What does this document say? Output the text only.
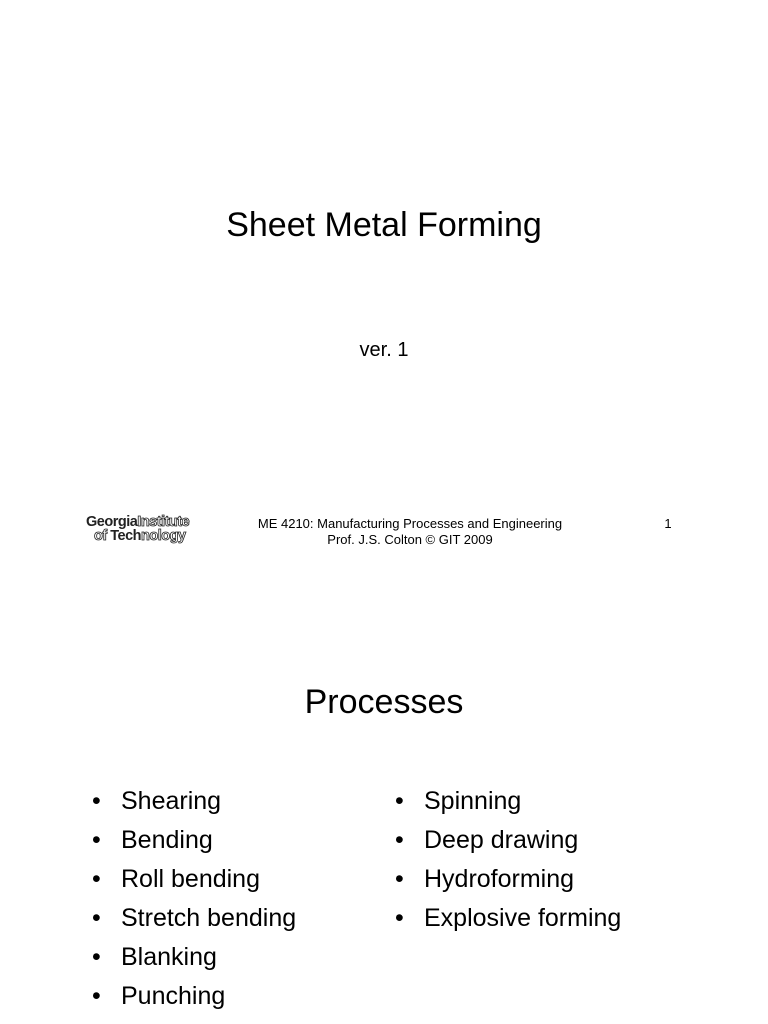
Sheet Metal Forming
ver. 1
GeorgiaInstitute
of Technology
ME 4210: Manufacturing Processes and Engineering
Prof. J.S. Colton © GIT 2009
1
Processes
• Shearing
• Bending
• Roll bending
• Stretch bending
• Blanking
• Punching
• Spinning
• Deep drawing
• Hydroforming
• Explosive forming
